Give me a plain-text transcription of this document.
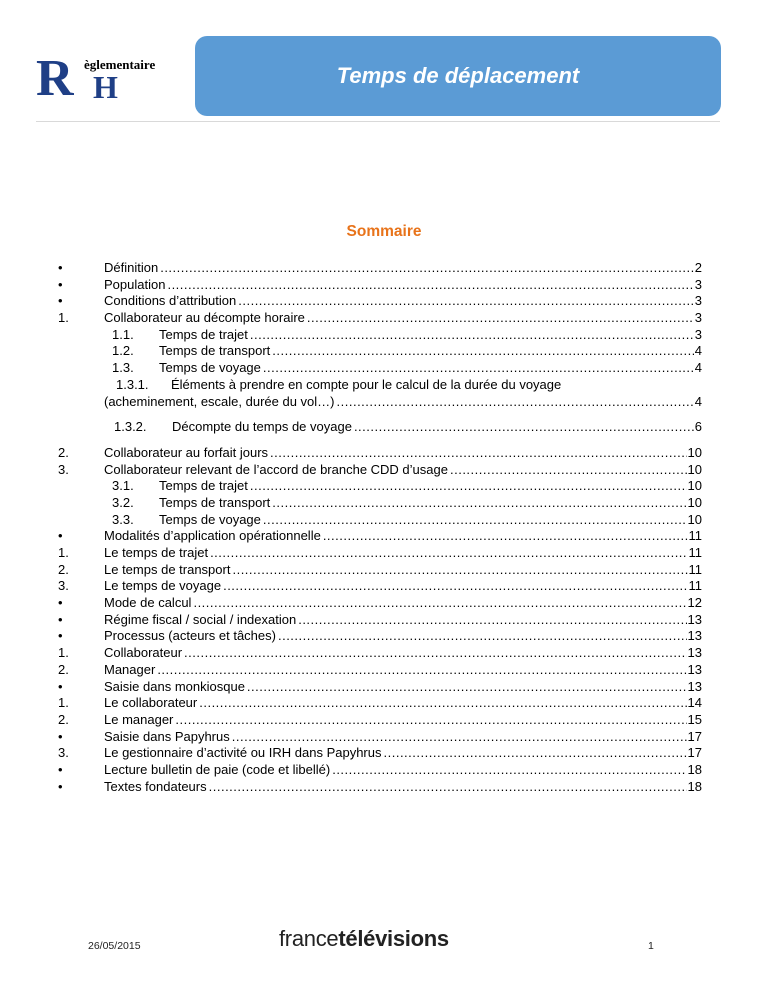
R èglementaire
H	Temps de déplacement
Sommaire
•	Définition .....	2
•	Population .....	3
•	Conditions d’attribution .....	3
1.	Collaborateur au décompte horaire .....	3
1.1.	Temps de trajet .....	3
1.2.	Temps de transport .....	4
1.3.	Temps de voyage .....	4
1.3.1.	Éléments à prendre en compte pour le calcul de la durée du voyage
(acheminement, escale, durée du vol…) .....	4
1.3.2.	Décompte du temps de voyage .....	6
2.	Collaborateur au forfait jours .....	10
3.	Collaborateur relevant de l’accord de branche CDD d’usage .....	10
3.1.	Temps de trajet .....	10
3.2.	Temps de transport .....	10
3.3.	Temps de voyage .....	10
•	Modalités d’application opérationnelle .....	11
1.	Le temps de trajet .....	11
2.	Le temps de transport .....	11
3.	Le temps de voyage .....	11
•	Mode de calcul .....	12
•	Régime fiscal / social / indexation .....	13
•	Processus (acteurs et tâches) .....	13
1.	Collaborateur .....	13
2.	Manager .....	13
•	Saisie dans monkiosque .....	13
1.	Le collaborateur .....	14
2.	Le manager .....	15
•	Saisie dans Papyhrus .....	17
3.	Le gestionnaire d’activité ou IRH dans Papyhrus .....	17
•	Lecture bulletin de paie (code et libellé) .....	18
•	Textes fondateurs .....	18
26/05/2015	francetélévisions	1
